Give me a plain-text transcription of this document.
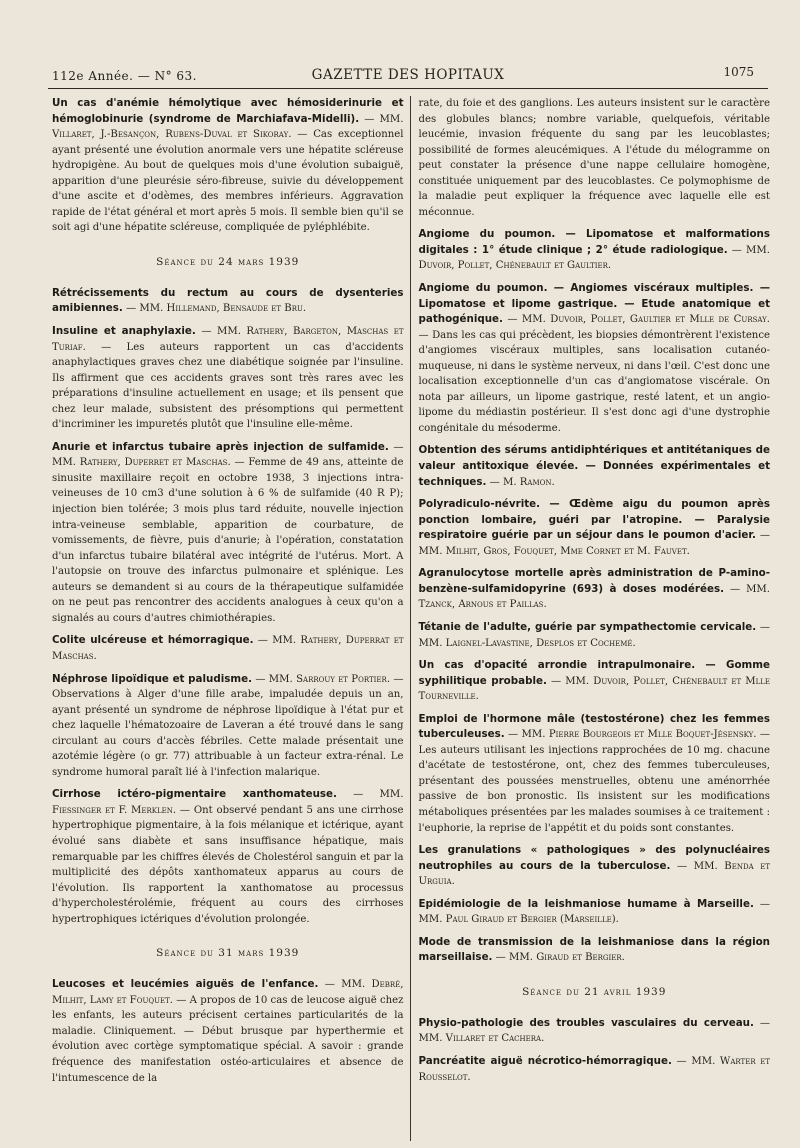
112e Année. — N° 63.	GAZETTE DES HOPITAUX	1075

Un cas d'anémie hémolytique avec hémosiderinurie et hémoglobinurie (syndrome de Marchiafava-Midelli). — MM. Villaret, J.-Besançon, Rubens-Duval et Sikoray. — Cas exceptionnel ayant présenté une évolution anormale vers une hépatite scléreuse hydropigène. Au bout de quelques mois d'une évolution subaiguë, apparition d'une pleurésie séro-fibreuse, suivie du développement d'une ascite et d'odèmes, des membres inférieurs. Aggravation rapide de l'état général et mort après 5 mois. Il semble bien qu'il se soit agi d'une hépatite scléreuse, compliquée de pyléphlébite.

Séance du 24 mars 1939

Rétrécissements du rectum au cours de dysenteries amibiennes. — MM. Hillemand, Bensaude et Bru.

Insuline et anaphylaxie. — MM. Rathery, Bargeton, Maschas et Turiaf. — Les auteurs rapportent un cas d'accidents anaphylactiques graves chez une diabétique soignée par l'insuline. Ils affirment que ces accidents graves sont très rares avec les préparations d'insuline actuellement en usage; et ils pensent que chez leur malade, subsistent des présomptions qui permettent d'incriminer les impuretés plutôt que l'insuline elle-même.

Anurie et infarctus tubaire après injection de sulfamide. — MM. Rathery, Duperret et Maschas. — Femme de 49 ans, atteinte de sinusite maxillaire reçoit en octobre 1938, 3 injections intra-veineuses de 10 cm3 d'une solution à 6 % de sulfamide (40 R P); injection bien tolérée; 3 mois plus tard réduite, nouvelle injection intra-veineuse semblable, apparition de courbature, de vomissements, de fièvre, puis d'anurie; à l'opération, constatation d'un infarctus tubaire bilatéral avec intégrité de l'utérus. Mort. A l'autopsie on trouve des infarctus pulmonaire et splénique. Les auteurs se demandent si au cours de la thérapeutique sulfamidée on ne peut pas rencontrer des accidents analogues à ceux qu'on a signalés au cours d'autres chimiothérapies.

Colite ulcéreuse et hémorragique. — MM. Rathery, Duperrat et Maschas.

Néphrose lipoïdique et paludisme. — MM. Sarrouy et Portier. — Observations à Alger d'une fille arabe, impaludée depuis un an, ayant présenté un syndrome de néphrose lipoïdique à l'état pur et chez laquelle l'hématozoaire de Laveran a été trouvé dans le sang circulant au cours d'accès fébriles. Cette malade présentait une azotémie légère (o gr. 77) attribuable à un facteur extra-rénal. Le syndrome humoral paraît lié à l'infection malarique.

Cirrhose ictéro-pigmentaire xanthomateuse. — MM. Fiessinger et F. Merklen. — Ont observé pendant 5 ans une cirrhose hypertrophique pigmentaire, à la fois mélanique et ictérique, ayant évolué sans diabète et sans insuffisance hépatique, mais remarquable par les chiffres élevés de Cholestérol sanguin et par la multiplicité des dépôts xanthomateux apparus au cours de l'évolution. Ils rapportent la xanthomatose au processus d'hypercholestérolémie, fréquent au cours des cirrhoses hypertrophiques ictériques d'évolution prolongée.

Séance du 31 mars 1939

Leucoses et leucémies aiguës de l'enfance. — MM. Debré, Milhit, Lamy et Fouquet. — A propos de 10 cas de leucose aiguë chez les enfants, les auteurs précisent certaines particularités de la maladie. Cliniquement. — Début brusque par hyperthermie et évolution avec cortège symptomatique spécial. A savoir : grande fréquence des manifestation ostéo-articulaires et absence de l'intumescence de la

rate, du foie et des ganglions. Les auteurs insistent sur le caractère des globules blancs; nombre variable, quelquefois, véritable leucémie, invasion fréquente du sang par les leucoblastes; possibilité de formes aleucémiques. A l'étude du mélogramme on peut constater la présence d'une nappe cellulaire homogène, constituée uniquement par des leucoblastes. Ce polymophisme de la maladie peut expliquer la fréquence avec laquelle elle est méconnue.

Angiome du poumon. — Lipomatose et malformations digitales : 1° étude clinique ; 2° étude radiologique. — MM. Duvoir, Pollet, Chénebault et Gaultier.

Angiome du poumon. — Angiomes viscéraux multiples. — Lipomatose et lipome gastrique. — Etude anatomique et pathogénique. — MM. Duvoir, Pollet, Gaultier et Mlle de Cursay. — Dans les cas qui précèdent, les biopsies démontrèrent l'existence d'angiomes viscéraux multiples, sans localisation cutanéo-muqueuse, ni dans le système nerveux, ni dans l'œil. C'est donc une localisation exceptionnelle d'un cas d'angiomatose viscérale. On nota par ailleurs, un lipome gastrique, resté latent, et un angio-lipome du médiastin postérieur. Il s'est donc agi d'une dystrophie congénitale du mésoderme.

Obtention des sérums antidiphtériques et antitétaniques de valeur antitoxique élevée. — Données expérimentales et techniques. — M. Ramon.

Polyradiculo-névrite. — Œdème aigu du poumon après ponction lombaire, guéri par l'atropine. — Paralysie respiratoire guérie par un séjour dans le poumon d'acier. — MM. Milhit, Gros, Fouquet, Mme Cornet et M. Fauvet.

Agranulocytose mortelle après administration de P-amino-benzène-sulfamidopyrine (693) à doses modérées. — MM. Tzanck, Arnous et Paillas.

Tétanie de l'adulte, guérie par sympathectomie cervicale. — MM. Laignel-Lavastine, Desplos et Cochemé.

Un cas d'opacité arrondie intrapulmonaire. — Gomme syphilitique probable. — MM. Duvoir, Pollet, Chénebault et Mlle Tourneville.

Emploi de l'hormone mâle (testostérone) chez les femmes tuberculeuses. — MM. Pierre Bourgeois et Mlle Boquet-Jésensky. — Les auteurs utilisant les injections rapprochées de 10 mg. chacune d'acétate de testostérone, ont, chez des femmes tuberculeuses, présentant des poussées menstruelles, obtenu une aménorrhée passive de bon pronostic. Ils insistent sur les modifications métaboliques présentées par les malades soumises à ce traitement : l'euphorie, la reprise de l'appétit et du poids sont constantes.

Les granulations « pathologiques » des polynucléaires neutrophiles au cours de la tuberculose. — MM. Benda et Urguia.

Epidémiologie de la leishmaniose humame à Marseille. — MM. Paul Giraud et Bergier (Marseille).

Mode de transmission de la leishmaniose dans la région marseillaise. — MM. Giraud et Bergier.

Séance du 21 avril 1939

Physio-pathologie des troubles vasculaires du cerveau. — MM. Villaret et Cachera.

Pancréatite aiguë nécrotico-hémorragique. — MM. Warter et Rousselot.
